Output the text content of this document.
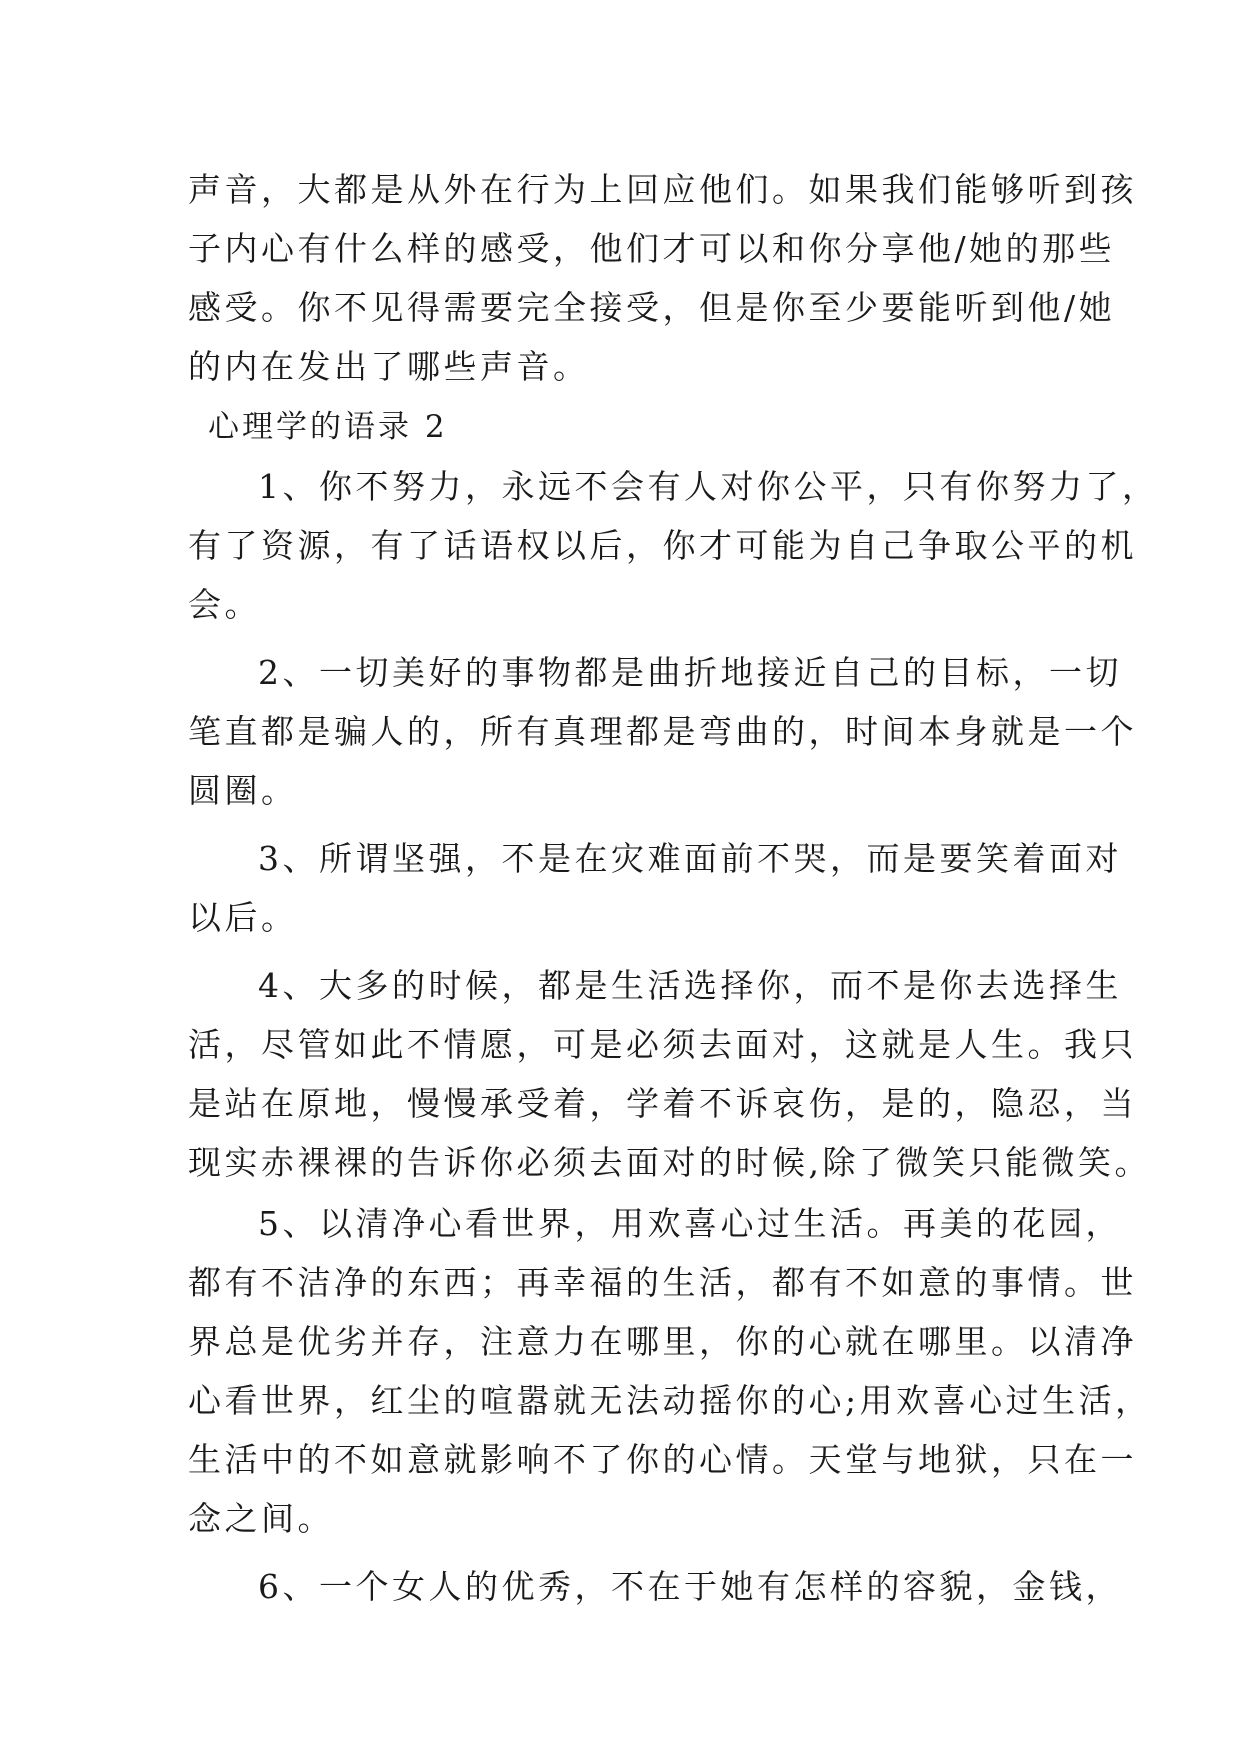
声音，大都是从外在行为上回应他们。如果我们能够听到孩
子内心有什么样的感受，他们才可以和你分享他/她的那些
感受。你不见得需要完全接受，但是你至少要能听到他/她
的内在发出了哪些声音。
心理学的语录 2
1、你不努力，永远不会有人对你公平，只有你努力了，
有了资源，有了话语权以后，你才可能为自己争取公平的机
会。
2、一切美好的事物都是曲折地接近自己的目标，一切
笔直都是骗人的，所有真理都是弯曲的，时间本身就是一个
圆圈。
3、所谓坚强，不是在灾难面前不哭，而是要笑着面对
以后。
4、大多的时候，都是生活选择你，而不是你去选择生
活，尽管如此不情愿，可是必须去面对，这就是人生。我只
是站在原地，慢慢承受着，学着不诉哀伤，是的，隐忍，当
现实赤裸裸的告诉你必须去面对的时候,除了微笑只能微笑。
5、以清净心看世界，用欢喜心过生活。再美的花园，
都有不洁净的东西；再幸福的生活，都有不如意的事情。世
界总是优劣并存，注意力在哪里，你的心就在哪里。以清净
心看世界，红尘的喧嚣就无法动摇你的心;用欢喜心过生活，
生活中的不如意就影响不了你的心情。天堂与地狱，只在一
念之间。
6、一个女人的优秀，不在于她有怎样的容貌，金钱，
